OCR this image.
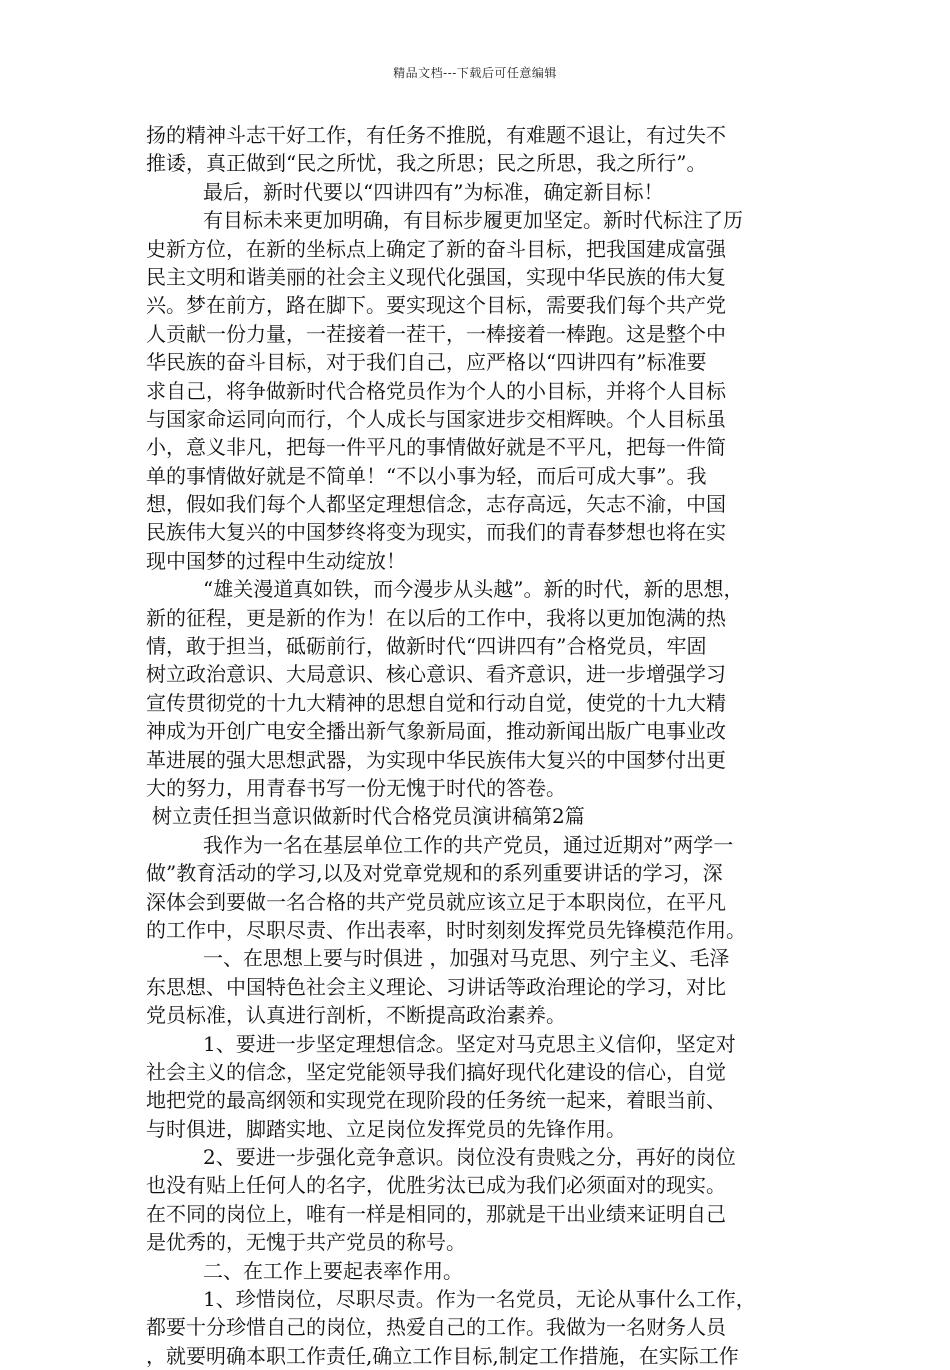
精品文档---下载后可任意编辑
扬的精神斗志干好工作，有任务不推脱，有难题不退让，有过失不
推诿，真正做到“民之所忧，我之所思；民之所思，我之所行”。
最后，新时代要以“四讲四有”为标准，确定新目标！
有目标未来更加明确，有目标步履更加坚定。新时代标注了历
史新方位，在新的坐标点上确定了新的奋斗目标，把我国建成富强
民主文明和谐美丽的社会主义现代化强国，实现中华民族的伟大复
兴。梦在前方，路在脚下。要实现这个目标，需要我们每个共产党
人贡献一份力量，一茬接着一茬干，一棒接着一棒跑。这是整个中
华民族的奋斗目标，对于我们自己，应严格以“四讲四有”标准要
求自己，将争做新时代合格党员作为个人的小目标，并将个人目标
与国家命运同向而行，个人成长与国家进步交相辉映。个人目标虽
小，意义非凡，把每一件平凡的事情做好就是不平凡，把每一件简
单的事情做好就是不简单！“不以小事为轻，而后可成大事”。我
想，假如我们每个人都坚定理想信念，志存高远，矢志不渝，中国
民族伟大复兴的中国梦终将变为现实，而我们的青春梦想也将在实
现中国梦的过程中生动绽放！
“雄关漫道真如铁，而今漫步从头越”。新的时代，新的思想，
新的征程，更是新的作为！在以后的工作中，我将以更加饱满的热
情，敢于担当，砥砺前行，做新时代“四讲四有”合格党员，牢固
树立政治意识、大局意识、核心意识、看齐意识，进一步增强学习
宣传贯彻党的十九大精神的思想自觉和行动自觉，使党的十九大精
神成为开创广电安全播出新气象新局面，推动新闻出版广电事业改
革进展的强大思想武器，为实现中华民族伟大复兴的中国梦付出更
大的努力，用青春书写一份无愧于时代的答卷。
树立责任担当意识做新时代合格党员演讲稿第2篇
我作为一名在基层单位工作的共产党员，通过近期对”两学一
做”教育活动的学习,以及对党章党规和的系列重要讲话的学习，深
深体会到要做一名合格的共产党员就应该立足于本职岗位，在平凡
的工作中，尽职尽责、作出表率，时时刻刻发挥党员先锋模范作用。
一、在思想上要与时俱进 ，加强对马克思、列宁主义、毛泽
东思想、中国特色社会主义理论、习讲话等政治理论的学习，对比
党员标准，认真进行剖析，不断提高政治素养。
1、要进一步坚定理想信念。坚定对马克思主义信仰，坚定对
社会主义的信念，坚定党能领导我们搞好现代化建设的信心，自觉
地把党的最高纲领和实现党在现阶段的任务统一起来，着眼当前、
与时俱进，脚踏实地、立足岗位发挥党员的先锋作用。
2、要进一步强化竞争意识。岗位没有贵贱之分，再好的岗位
也没有贴上任何人的名字，优胜劣汰已成为我们必须面对的现实。
在不同的岗位上，唯有一样是相同的，那就是干出业绩来证明自己
是优秀的，无愧于共产党员的称号。
二、在工作上要起表率作用。
1、珍惜岗位，尽职尽责。作为一名党员，无论从事什么工作，
都要十分珍惜自己的岗位，热爱自己的工作。我做为一名财务人员
，就要明确本职工作责任,确立工作目标,制定工作措施，在实际工作
